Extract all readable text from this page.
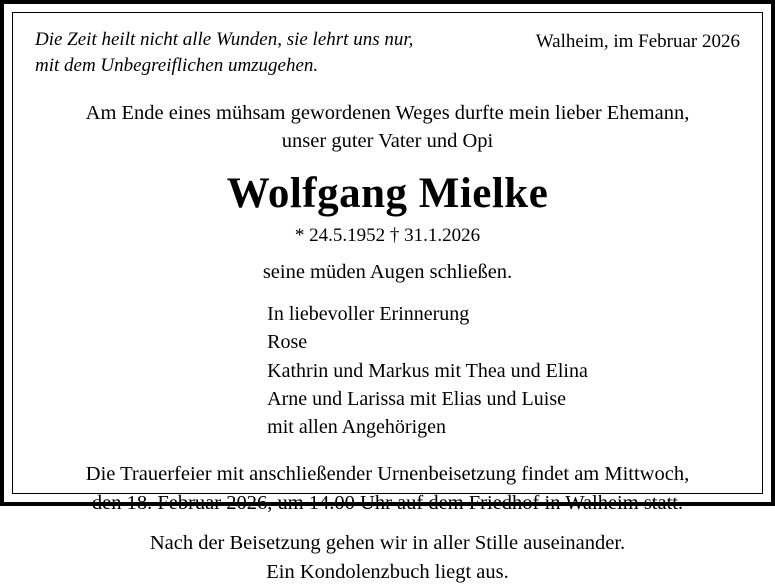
Die Zeit heilt nicht alle Wunden, sie lehrt uns nur,
mit dem Unbegreiflichen umzugehen.
Walheim, im Februar 2026
Am Ende eines mühsam gewordenen Weges durfte mein lieber Ehemann,
unser guter Vater und Opi
Wolfgang Mielke
* 24.5.1952 † 31.1.2026
seine müden Augen schließen.
In liebevoller Erinnerung
Rose
Kathrin und Markus mit Thea und Elina
Arne und Larissa mit Elias und Luise
mit allen Angehörigen
Die Trauerfeier mit anschließender Urnenbeisetzung findet am Mittwoch,
den 18. Februar 2026, um 14.00 Uhr auf dem Friedhof in Walheim statt.
Nach der Beisetzung gehen wir in aller Stille auseinander.
Ein Kondolenzbuch liegt aus.
